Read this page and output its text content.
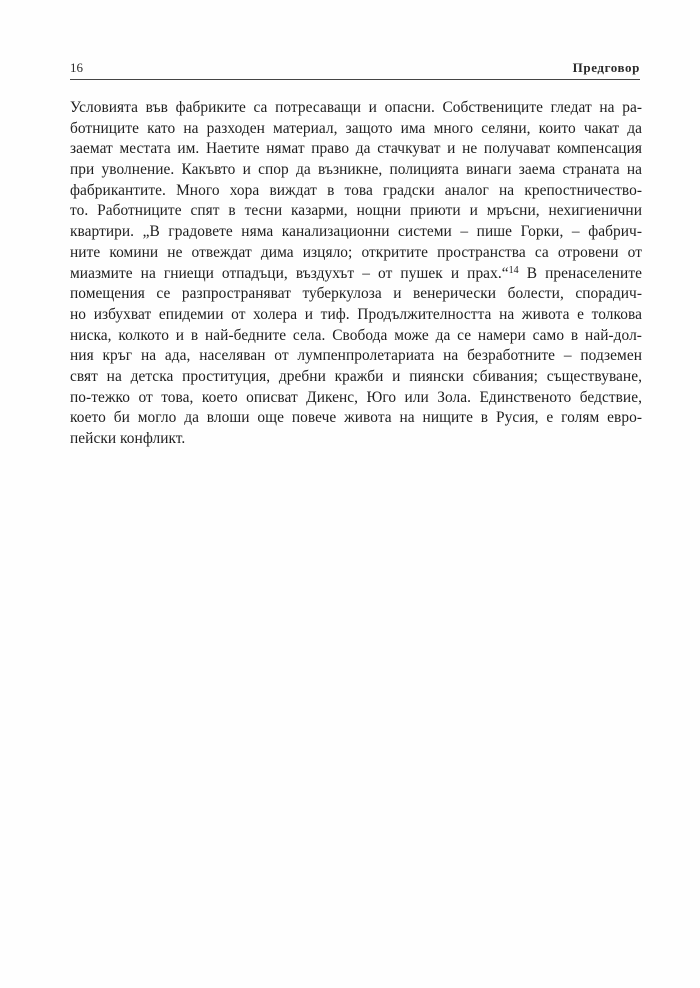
16	Предговор
Условията във фабриките са потресаващи и опасни. Собствениците гледат на ра-
ботниците като на разходен материал, защото има много селяни, които чакат да
заемат местата им. Наетите нямат право да стачкуват и не получават компенсация
при уволнение. Какъвто и спор да възникне, полицията винаги заема страната на
фабрикантите. Много хора виждат в това градски аналог на крепостничество-
то. Работниците спят в тесни казарми, нощни приюти и мръсни, нехигиенични
квартири. „В градовете няма канализационни системи – пише Горки, – фабрич-
ните комини не отвеждат дима изцяло; откритите пространства са отровени от
миазмите на гниещи отпадъци, въздухът – от пушек и прах.“$^{14}$ В пренаселените
помещения се разпространяват туберкулоза и венерически болести, спорадич-
но избухват епидемии от холера и тиф. Продължителността на живота е толкова
ниска, колкото и в най-бедните села. Свобода може да се намери само в най-дол-
ния кръг на ада, населяван от лумпенпролетариата на безработните – подземен
свят на детска проституция, дребни кражби и пиянски сбивания; съществуване,
по-тежко от това, което описват Дикенс, Юго или Зола. Единственото бедствие,
което би могло да влоши още повече живота на нищите в Русия, е голям евро-
пейски конфликт.
